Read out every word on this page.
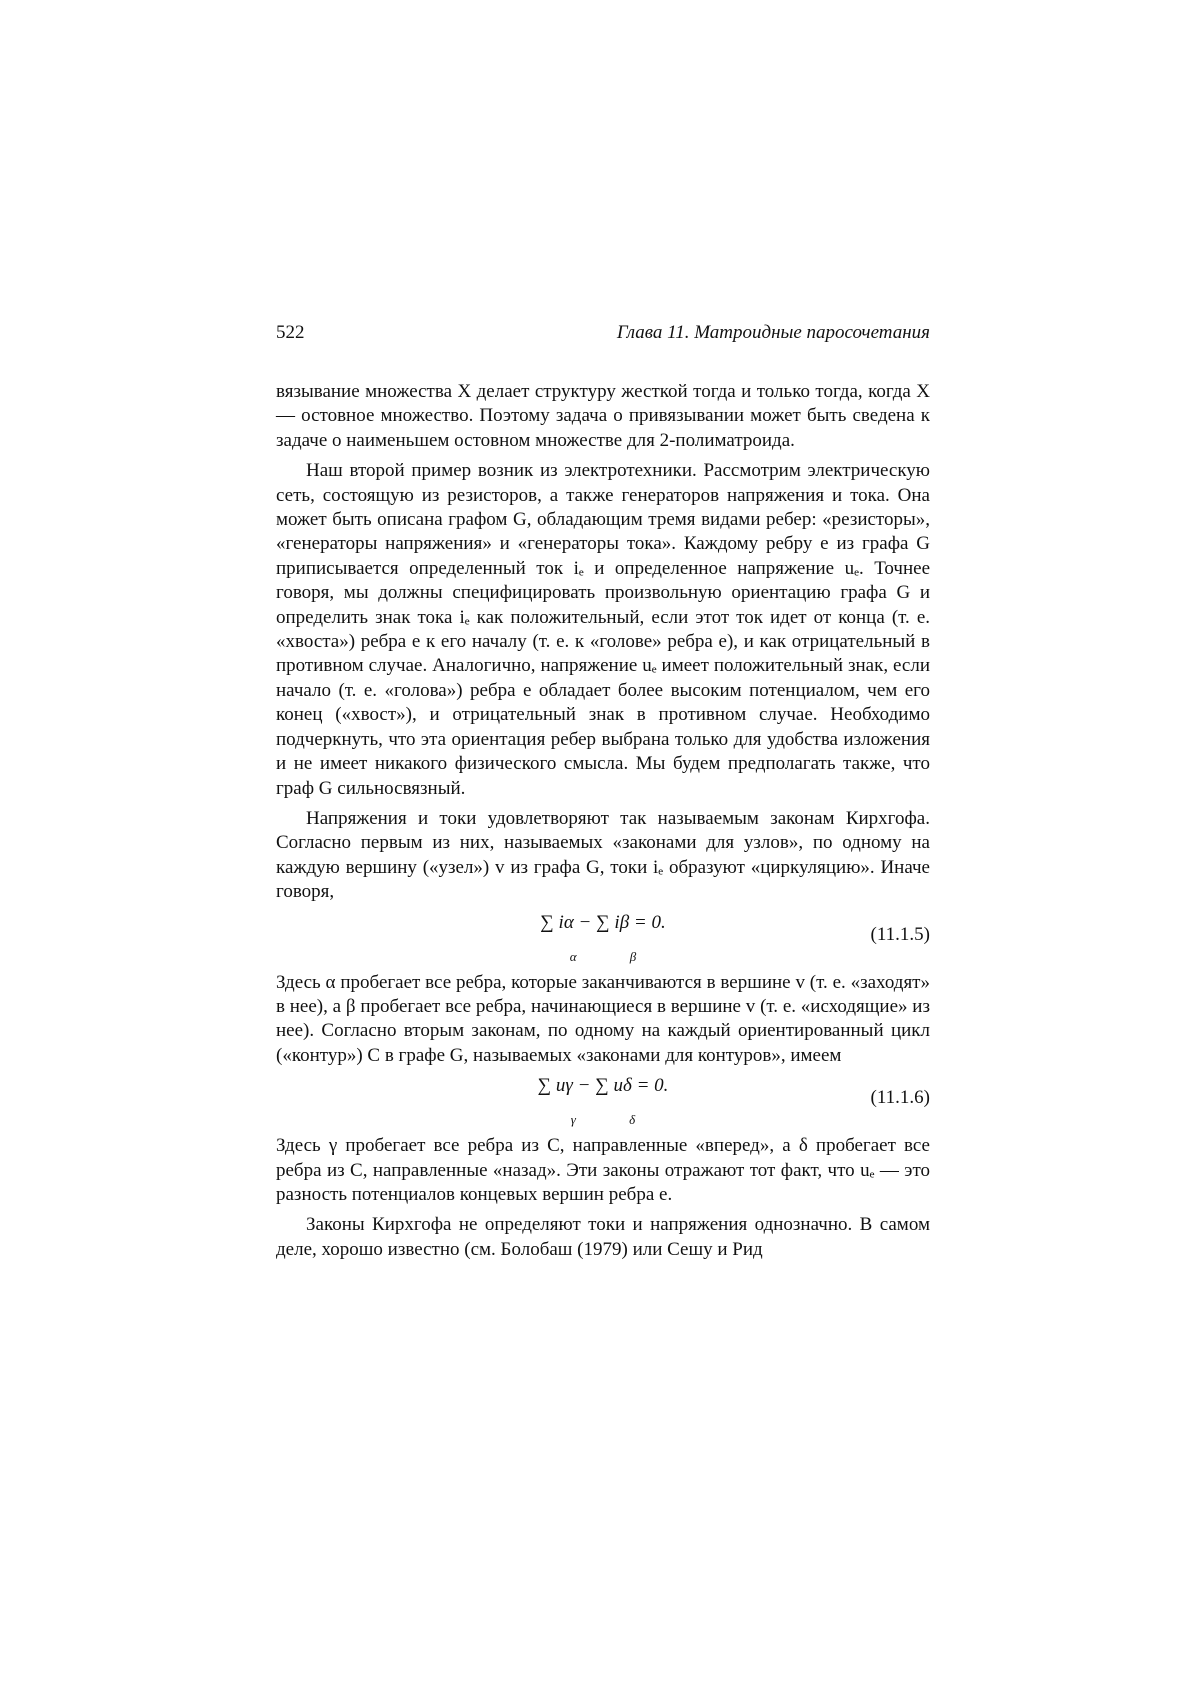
522	Глава 11. Матроидные паросочетания

вязывание множества X делает структуру жесткой тогда и только тогда, когда X — остовное множество. Поэтому задача о привязывании может быть сведена к задаче о наименьшем остовном множестве для 2-полиматроида.

Наш второй пример возник из электротехники. Рассмотрим электрическую сеть, состоящую из резисторов, а также генераторов напряжения и тока. Она может быть описана графом G, обладающим тремя видами ребер: «резисторы», «генераторы напряжения» и «генераторы тока». Каждому ребру e из графа G приписывается определенный ток iₑ и определенное напряжение uₑ. Точнее говоря, мы должны специфицировать произвольную ориентацию графа G и определить знак тока iₑ как положительный, если этот ток идет от конца (т. е. «хвоста») ребра e к его началу (т. е. к «голове» ребра e), и как отрицательный в противном случае. Аналогично, напряжение uₑ имеет положительный знак, если начало (т. е. «голова») ребра e обладает более высоким потенциалом, чем его конец («хвост»), и отрицательный знак в противном случае. Необходимо подчеркнуть, что эта ориентация ребер выбрана только для удобства изложения и не имеет никакого физического смысла. Мы будем предполагать также, что граф G сильносвязный.

Напряжения и токи удовлетворяют так называемым законам Кирхгофа. Согласно первым из них, называемых «законами для узлов», по одному на каждую вершину («узел») v из графа G, токи iₑ образуют «циркуляцию». Иначе говоря,

∑ iα − ∑ iβ = 0.
α β
(11.1.5)

Здесь α пробегает все ребра, которые заканчиваются в вершине v (т. е. «заходят» в нее), а β пробегает все ребра, начинающиеся в вершине v (т. е. «исходящие» из нее). Согласно вторым законам, по одному на каждый ориентированный цикл («контур») C в графе G, называемых «законами для контуров», имеем

∑ uγ − ∑ uδ = 0.
γ δ
(11.1.6)

Здесь γ пробегает все ребра из C, направленные «вперед», а δ пробегает все ребра из C, направленные «назад». Эти законы отражают тот факт, что uₑ — это разность потенциалов концевых вершин ребра e.

Законы Кирхгофа не определяют токи и напряжения однозначно. В самом деле, хорошо известно (см. Болобаш (1979) или Сешу и Рид
